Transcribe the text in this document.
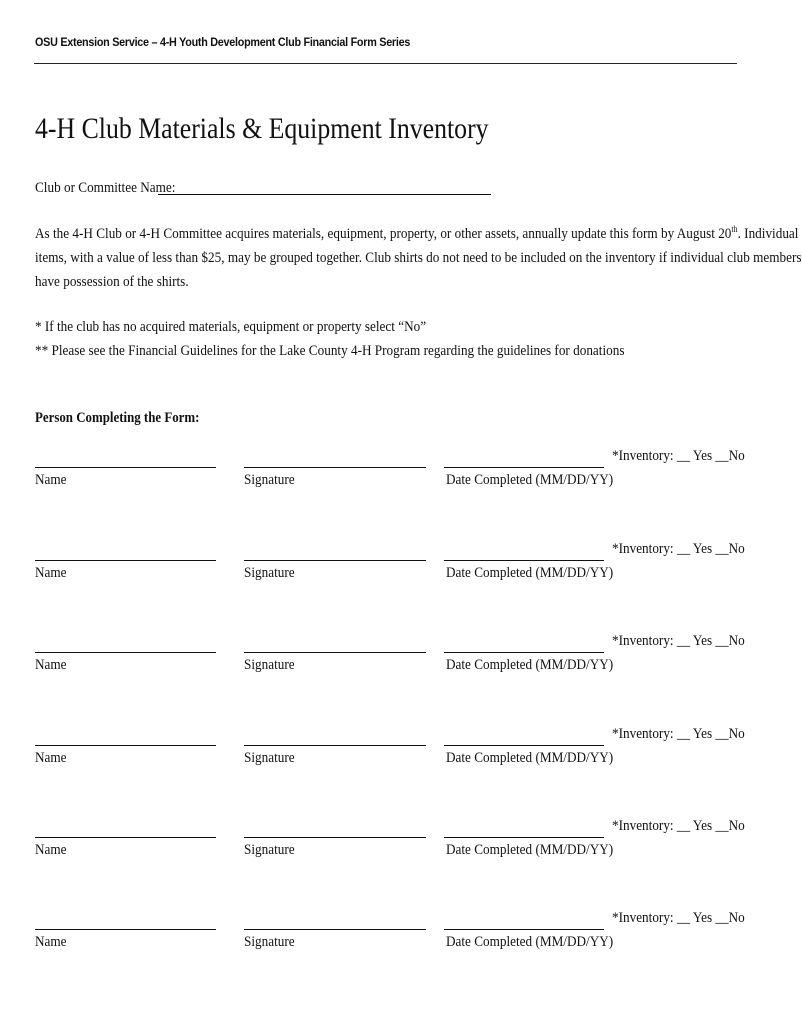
OSU Extension Service – 4-H Youth Development Club Financial Form Series
4-H Club Materials & Equipment Inventory
Club or Committee Name:

As the 4-H Club or 4-H Committee acquires materials, equipment, property, or other assets, annually update this form by August 20th. Individual

items, with a value of less than $25, may be grouped together. Club shirts do not need to be included on the inventory if individual club members

have possession of the shirts.

* If the club has no acquired materials, equipment or property select “No”

** Please see the Financial Guidelines for the Lake County 4-H Program regarding the guidelines for donations

Person Completing the Form:
*Inventory: __ Yes __No
Name	Signature	Date Completed (MM/DD/YY)
*Inventory: __ Yes __No
Name	Signature	Date Completed (MM/DD/YY)
*Inventory: __ Yes __No
Name	Signature	Date Completed (MM/DD/YY)
*Inventory: __ Yes __No
Name	Signature	Date Completed (MM/DD/YY)
*Inventory: __ Yes __No
Name	Signature	Date Completed (MM/DD/YY)
*Inventory: __ Yes __No
Name	Signature	Date Completed (MM/DD/YY)
